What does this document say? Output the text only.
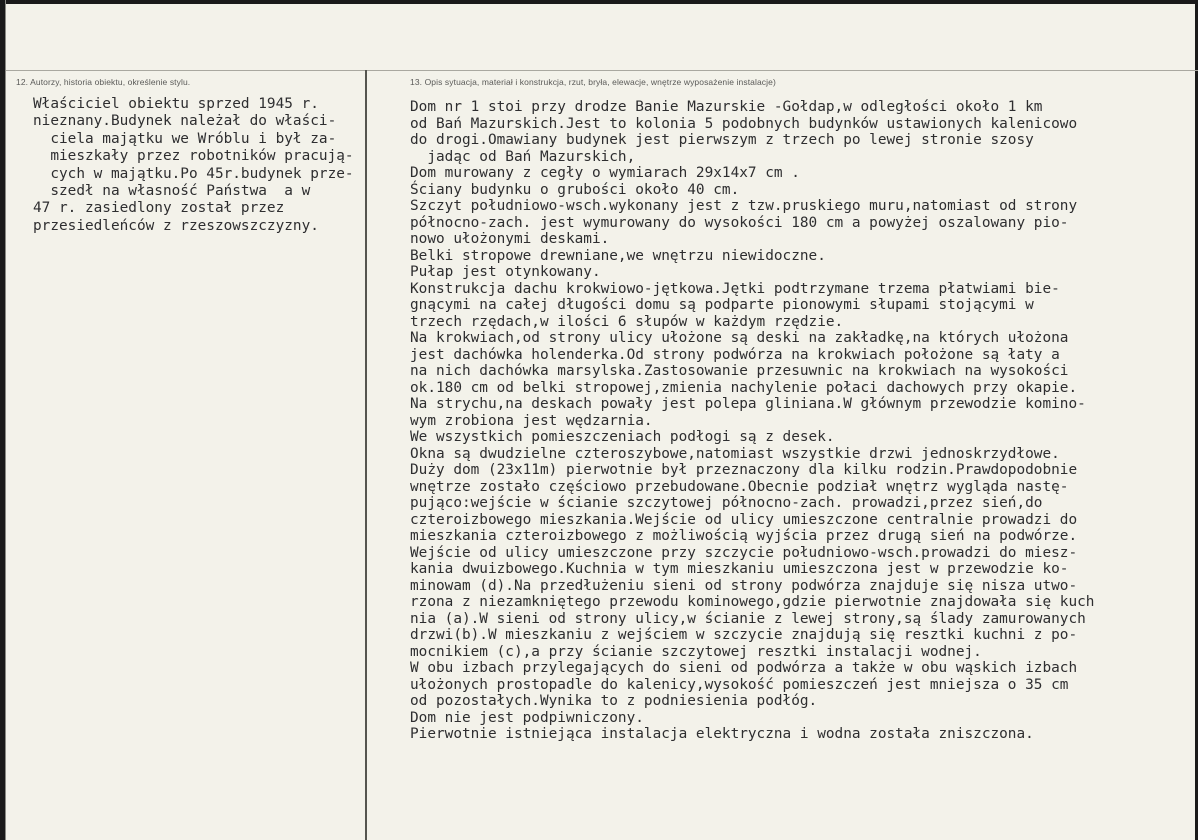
12. Autorzy, historia obiektu, określenie stylu.	13. Opis sytuacja, materiał i konstrukcja, rzut, bryła, elewacje, wnętrze wyposażenie instalacje)
Właściciel obiektu sprzed 1945 r.
nieznany.Budynek należał do właści-
ciela majątku we Wróblu i był za-
mieszkały przez robotników pracują-
cych w majątku.Po 45r.budynek prze-
szedł na własność Państwa  a w
47 r. zasiedlony został przez
przesiedleńców z rzeszowszczyzny.
Dom nr 1 stoi przy drodze Banie Mazurskie -Gołdap,w odległości około 1 km
od Bań Mazurskich.Jest to kolonia 5 podobnych budynków ustawionych kalenicowo
do drogi.Omawiany budynek jest pierwszym z trzech po lewej stronie szosy
jadąc od Bań Mazurskich,
Dom murowany z cegły o wymiarach 29x14x7 cm .
Ściany budynku o grubości około 40 cm.
Szczyt południowo-wsch.wykonany jest z tzw.pruskiego muru,natomiast od strony
północno-zach. jest wymurowany do wysokości 180 cm a powyżej oszalowany pio-
nowo ułożonymi deskami.
Belki stropowe drewniane,we wnętrzu niewidoczne.
Pułap jest otynkowany.
Konstrukcja dachu krokwiowo-jętkowa.Jętki podtrzymane trzema płatwiami bie-
gnącymi na całej długości domu są podparte pionowymi słupami stojącymi w
trzech rzędach,w ilości 6 słupów w każdym rzędzie.
Na krokwiach,od strony ulicy ułożone są deski na zakładkę,na których ułożona
jest dachówka holenderka.Od strony podwórza na krokwiach położone są łaty a
na nich dachówka marsylska.Zastosowanie przesuwnic na krokwiach na wysokości
ok.180 cm od belki stropowej,zmienia nachylenie połaci dachowych przy okapie.
Na strychu,na deskach powały jest polepa gliniana.W głównym przewodzie komino-
wym zrobiona jest wędzarnia.
We wszystkich pomieszczeniach podłogi są z desek.
Okna są dwudzielne czteroszybowe,natomiast wszystkie drzwi jednoskrzydłowe.
Duży dom (23x11m) pierwotnie był przeznaczony dla kilku rodzin.Prawdopodobnie
wnętrze zostało częściowo przebudowane.Obecnie podział wnętrz wygląda nastę-
pująco:wejście w ścianie szczytowej północno-zach. prowadzi,przez sień,do
czteroizbowego mieszkania.Wejście od ulicy umieszczone centralnie prowadzi do
mieszkania czteroizbowego z możliwością wyjścia przez drugą sień na podwórze.
Wejście od ulicy umieszczone przy szczycie południowo-wsch.prowadzi do miesz-
kania dwuizbowego.Kuchnia w tym mieszkaniu umieszczona jest w przewodzie ko-
minowam (d).Na przedłużeniu sieni od strony podwórza znajduje się nisza utwo-
rzona z niezamkniętego przewodu kominowego,gdzie pierwotnie znajdowała się kuch
nia (a).W sieni od strony ulicy,w ścianie z lewej strony,są ślady zamurowanych
drzwi(b).W mieszkaniu z wejściem w szczycie znajdują się resztki kuchni z po-
mocnikiem (c),a przy ścianie szczytowej resztki instalacji wodnej.
W obu izbach przylegających do sieni od podwórza a także w obu wąskich izbach
ułożonych prostopadle do kalenicy,wysokość pomieszczeń jest mniejsza o 35 cm
od pozostałych.Wynika to z podniesienia podłóg.
Dom nie jest podpiwniczony.
Pierwotnie istniejąca instalacja elektryczna i wodna została zniszczona.
